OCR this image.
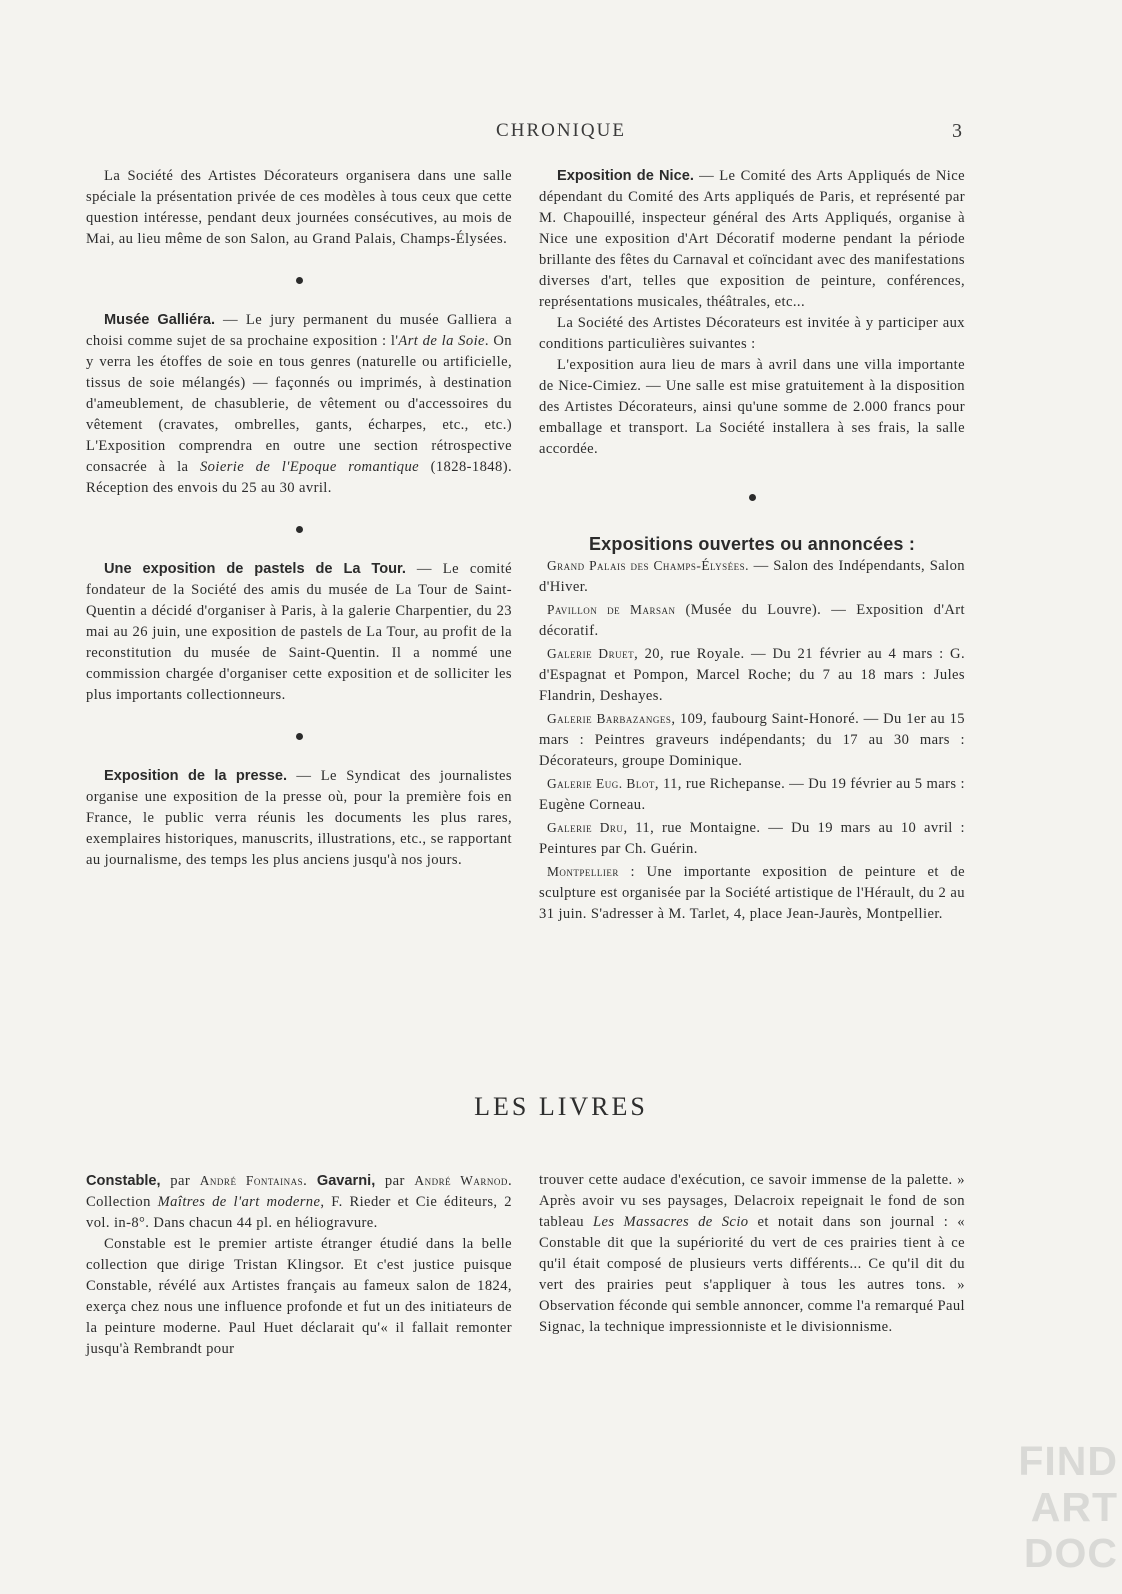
CHRONIQUE	3

La Société des Artistes Décorateurs organisera dans une salle spéciale la présentation privée de ces modèles à tous ceux que cette question intéresse, pendant deux journées consécutives, au mois de Mai, au lieu même de son Salon, au Grand Palais, Champs-Élysées.

Musée Galliéra. — Le jury permanent du musée Galliera a choisi comme sujet de sa prochaine exposition : l'Art de la Soie. On y verra les étoffes de soie en tous genres (naturelle ou artificielle, tissus de soie mélangés) — façonnés ou imprimés, à destination d'ameublement, de chasublerie, de vêtement ou d'accessoires du vêtement (cravates, ombrelles, gants, écharpes, etc., etc.) L'Exposition comprendra en outre une section rétrospective consacrée à la Soierie de l'Epoque romantique (1828-1848). Réception des envois du 25 au 30 avril.

Une exposition de pastels de La Tour. — Le comité fondateur de la Société des amis du musée de La Tour de Saint-Quentin a décidé d'organiser à Paris, à la galerie Charpentier, du 23 mai au 26 juin, une exposition de pastels de La Tour, au profit de la reconstitution du musée de Saint-Quentin. Il a nommé une commission chargée d'organiser cette exposition et de solliciter les plus importants collectionneurs.

Exposition de la presse. — Le Syndicat des journalistes organise une exposition de la presse où, pour la première fois en France, le public verra réunis les documents les plus rares, exemplaires historiques, manuscrits, illustrations, etc., se rapportant au journalisme, des temps les plus anciens jusqu'à nos jours.

Exposition de Nice. — Le Comité des Arts Appliqués de Nice dépendant du Comité des Arts appliqués de Paris, et représenté par M. Chapouillé, inspecteur général des Arts Appliqués, organise à Nice une exposition d'Art Décoratif moderne pendant la période brillante des fêtes du Carnaval et coïncidant avec des manifestations diverses d'art, telles que exposition de peinture, conférences, représentations musicales, théâtrales, etc...

La Société des Artistes Décorateurs est invitée à y participer aux conditions particulières suivantes :

L'exposition aura lieu de mars à avril dans une villa importante de Nice-Cimiez. — Une salle est mise gratuitement à la disposition des Artistes Décorateurs, ainsi qu'une somme de 2.000 francs pour emballage et transport. La Société installera à ses frais, la salle accordée.

Expositions ouvertes ou annoncées :

Grand Palais des Champs-Élysées. — Salon des Indépendants, Salon d'Hiver.

Pavillon de Marsan (Musée du Louvre). — Exposition d'Art décoratif.

Galerie Druet, 20, rue Royale. — Du 21 février au 4 mars : G. d'Espagnat et Pompon, Marcel Roche; du 7 au 18 mars : Jules Flandrin, Deshayes.

Galerie Barbazanges, 109, faubourg Saint-Honoré. — Du 1er au 15 mars : Peintres graveurs indépendants; du 17 au 30 mars : Décorateurs, groupe Dominique.

Galerie Eug. Blot, 11, rue Richepanse. — Du 19 février au 5 mars : Eugène Corneau.

Galerie Dru, 11, rue Montaigne. — Du 19 mars au 10 avril : Peintures par Ch. Guérin.

Montpellier : Une importante exposition de peinture et de sculpture est organisée par la Société artistique de l'Hérault, du 2 au 31 juin. S'adresser à M. Tarlet, 4, place Jean-Jaurès, Montpellier.

LES LIVRES

Constable, par André Fontainas. Gavarni, par André Warnod. Collection Maîtres de l'art moderne, F. Rieder et Cie éditeurs, 2 vol. in-8°. Dans chacun 44 pl. en héliogravure.

Constable est le premier artiste étranger étudié dans la belle collection que dirige Tristan Klingsor. Et c'est justice puisque Constable, révélé aux Artistes français au fameux salon de 1824, exerça chez nous une influence profonde et fut un des initiateurs de la peinture moderne. Paul Huet déclarait qu'« il fallait remonter jusqu'à Rembrandt pour

trouver cette audace d'exécution, ce savoir immense de la palette. » Après avoir vu ses paysages, Delacroix repeignait le fond de son tableau Les Massacres de Scio et notait dans son journal : « Constable dit que la supériorité du vert de ces prairies tient à ce qu'il était composé de plusieurs verts différents... Ce qu'il dit du vert des prairies peut s'appliquer à tous les autres tons. » Observation féconde qui semble annoncer, comme l'a remarqué Paul Signac, la technique impressionniste et le divisionnisme.

FIND
ART
DOC
